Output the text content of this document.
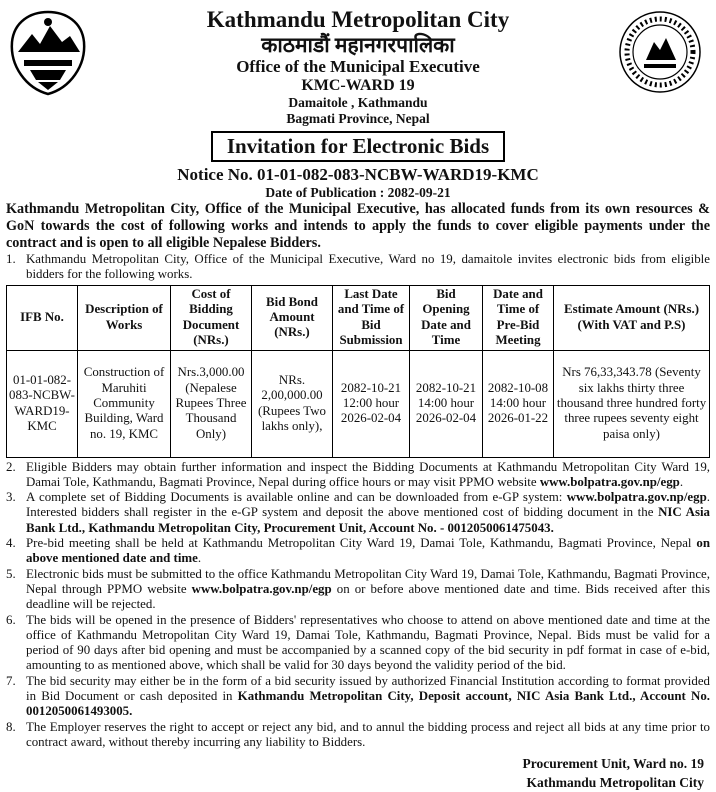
Kathmandu Metropolitan City
काठमाडौं महानगरपालिका
Office of the Municipal Executive
KMC-WARD 19
Damaitole , Kathmandu
Bagmati Province, Nepal
Invitation for Electronic Bids
Notice No. 01-01-082-083-NCBW-WARD19-KMC
Date of Publication : 2082-09-21
Kathmandu Metropolitan City, Office of the Municipal Executive, has allocated funds from its own resources & GoN towards the cost of following works and intends to apply the funds to cover eligible payments under the contract and is open to all eligible Nepalese Bidders.
1. Kathmandu Metropolitan City, Office of the Municipal Executive, Ward no 19, damaitole invites electronic bids from eligible bidders for the following works.
IFB No.	Description of Works	Cost of Bidding Document (NRs.)	Bid Bond Amount (NRs.)	Last Date and Time of Bid Submission	Bid Opening Date and Time	Date and Time of Pre-Bid Meeting	Estimate Amount (NRs.) (With VAT and P.S)
01-01-082-083-NCBW-WARD19-KMC	Construction of Maruhiti Community Building, Ward no. 19, KMC	Nrs.3,000.00 (Nepalese Rupees Three Thousand Only)	NRs. 2,00,000.00 (Rupees Two lakhs only),	2082-10-21 12:00 hour 2026-02-04	2082-10-21 14:00 hour 2026-02-04	2082-10-08 14:00 hour 2026-01-22	Nrs 76,33,343.78 (Seventy six lakhs thirty three thousand three hundred forty three rupees seventy eight paisa only)
2. Eligible Bidders may obtain further information and inspect the Bidding Documents at Kathmandu Metropolitan City Ward 19, Damai Tole, Kathmandu, Bagmati Province, Nepal during office hours or may visit PPMO website www.bolpatra.gov.np/egp.
3. A complete set of Bidding Documents is available online and can be downloaded from e-GP system: www.bolpatra.gov.np/egp. Interested bidders shall register in the e-GP system and deposit the above mentioned cost of bidding document in the NIC Asia Bank Ltd., Kathmandu Metropolitan City, Procurement Unit, Account No. - 0012050061475043.
4. Pre-bid meeting shall be held at Kathmandu Metropolitan City Ward 19, Damai Tole, Kathmandu, Bagmati Province, Nepal on above mentioned date and time.
5. Electronic bids must be submitted to the office Kathmandu Metropolitan City Ward 19, Damai Tole, Kathmandu, Bagmati Province, Nepal through PPMO website www.bolpatra.gov.np/egp on or before above mentioned date and time. Bids received after this deadline will be rejected.
6. The bids will be opened in the presence of Bidders' representatives who choose to attend on above mentioned date and time at the office of Kathmandu Metropolitan City Ward 19, Damai Tole, Kathmandu, Bagmati Province, Nepal. Bids must be valid for a period of 90 days after bid opening and must be accompanied by a scanned copy of the bid security in pdf format in case of e-bid, amounting to as mentioned above, which shall be valid for 30 days beyond the validity period of the bid.
7. The bid security may either be in the form of a bid security issued by authorized Financial Institution according to format provided in Bid Document or cash deposited in Kathmandu Metropolitan City, Deposit account, NIC Asia Bank Ltd., Account No. 0012050061493005.
8. The Employer reserves the right to accept or reject any bid, and to annul the bidding process and reject all bids at any time prior to contract award, without thereby incurring any liability to Bidders.
Procurement Unit, Ward no. 19
Kathmandu Metropolitan City
